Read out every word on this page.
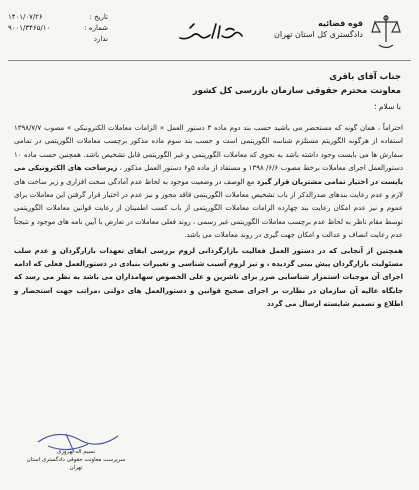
قوه قضائیه
دادگستری کل استان تهران
۱۴۰۱/۰۷/۲۶	تاریخ :
۹۰۰۱/۳۴۶۵/۱۰	شماره :
ندارد
جناب آقای باقری
معاونت محترم حقوقی سازمان بازرسی کل کشور
با سلام ؛

احتراماً ، همان گونه که مستحضر می باشید حسب بند دوم ماده ۳ دستور العمل « الزامات معاملات الکترونیکی » مصوب ۱۳۹۸/۷/۷ استفاده از هرگونه الگوریتم مستلزم شناسه الگوریتمی است و حسب بند سوم ماده مذکور برچسب معاملات الگوریتمی در تمامی سفارش ها می بایست وجود داشته باشد به نحوی که معاملات الگوریتمی و غیر الگوریتمی قابل تشخیص باشد. همچنین حسب ماده ۱۰ دستورالعمل اجرای معاملات برخط مصوب ۶/۶/ ۱۳۹۸ و مستفاد از ماده ۵و۶ دستور العمل مذکور ، زیرساخت های الکترونیکی می بایست در اختیار تمامی مشتریان قرار گیرد مع الوصف در وضعیت موجود به لحاظ عدم آمادگی سخت افزاری و زیر ساخت های لازم و عدم رعایت بندهای صدرالذکر از باب تشخیص معاملات الگوریتمی فاقد مجوز و نیز عدم در اختیار قرار گرفتن این معاملات برای عموم و نیز عدم امکان رعایت بند چهارده الزامات معاملات الگوریتمی از باب کسب اطمینان از رعایت قوانین معاملات الگوریتمی توسط مقام ناظر به لحاظ عدم برچسب معاملات الگوریتمی غیر رسمی ، روند فعلی معاملات در تعارض با آیین نامه های موجود و نتیجتاً عدم رعایت انصاف و عدالت و امکان جهت گیری در روند معاملات می باشد.

همچنین از آنجایی که در دستور العمل فعالیت بازارگردانی لزوم بررسی ایفای تعهدات بازارگردان و عدم سلب مسئولیت بازارگردان پیش بینی گردیده ، و نیز لزوم آسیب شناسی و تغییرات بنیادی در دستورالعمل فعلی که ادامه اجرای آن موجبات استمرار شناسایی ضرر برای ناشرین و علی الخصوص سهامداران می باشد به نظر می رسد که جایگاه عالیه آن سازمان در نظارت بر اجرای صحیح قوانین و دستورالعمل های دولتی ،مراتب جهت استحضار و اطلاع و تصمیم شایسته ارسال می گردد

نسیم اله بهروزی
سرپرست معاونت حقوقی دادگستری استان تهران
